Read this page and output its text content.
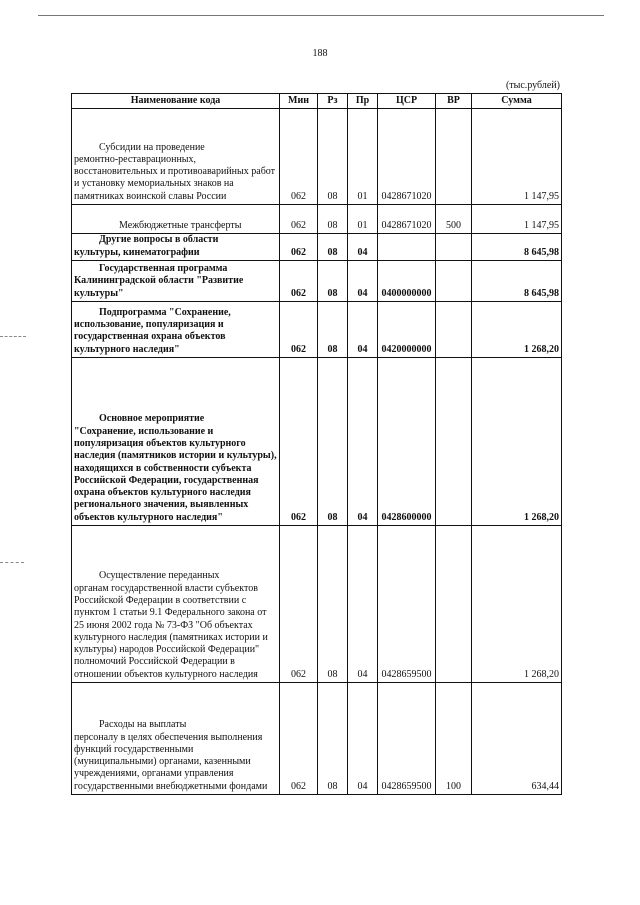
188
(тыс.рублей)
Наименование кода	Мин	Рз	Пр	ЦСР	ВР	Сумма

Субсидии на проведение
ремонтно-реставрационных, восстановительных и противоаварийных работ и установку мемориальных знаков на памятниках воинской славы России	062	08	01	0428671020		1 147,95

Межбюджетные трансферты	062	08	01	0428671020	500	1 147,95

Другие вопросы в области
культуры, кинематографии	062	08	04			8 645,98

Государственная программа
Калининградской области "Развитие культуры"	062	08	04	0400000000		8 645,98

Подпрограмма "Сохранение,
использование, популяризация и государственная охрана объектов культурного наследия"	062	08	04	0420000000		1 268,20

Основное мероприятие
"Сохранение, использование и популяризация объектов культурного наследия (памятников истории и культуры), находящихся в собственности субъекта Российской Федерации, государственная охрана объектов культурного наследия регионального значения, выявленных объектов культурного наследия"	062	08	04	0428600000		1 268,20

Осуществление переданных
органам государственной власти субъектов Российской Федерации в соответствии с пунктом 1 статьи 9.1 Федерального закона от 25 июня 2002 года № 73-ФЗ "Об объектах культурного наследия (памятниках истории и культуры) народов Российской Федерации" полномочий Российской Федерации в отношении объектов культурного наследия	062	08	04	0428659500		1 268,20

Расходы на выплаты
персоналу в целях обеспечения выполнения функций государственными (муниципальными) органами, казенными учреждениями, органами управления государственными внебюджетными фондами	062	08	04	0428659500	100	634,44
